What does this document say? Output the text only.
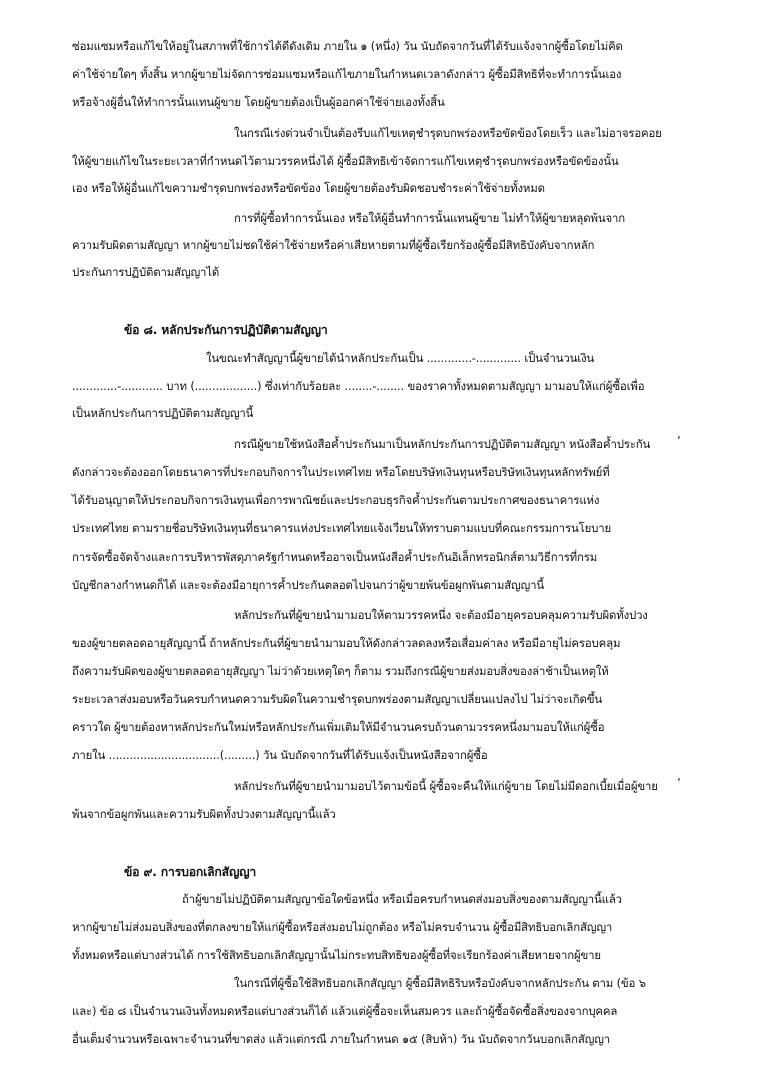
ซ่อมแซมหรือแก้ไขให้อยู่ในสภาพที่ใช้การได้ดีดังเดิม ภายใน ๑ (หนึ่ง) วัน นับถัดจากวันที่ได้รับแจ้งจากผู้ซื้อโดยไม่คิด
ค่าใช้จ่ายใดๆ ทั้งสิ้น หากผู้ขายไม่จัดการซ่อมแซมหรือแก้ไขภายในกำหนดเวลาดังกล่าว ผู้ซื้อมีสิทธิที่จะทำการนั้นเอง
หรือจ้างผู้อื่นให้ทำการนั้นแทนผู้ขาย โดยผู้ขายต้องเป็นผู้ออกค่าใช้จ่ายเองทั้งสิ้น
ในกรณีเร่งด่วนจำเป็นต้องรีบแก้ไขเหตุชำรุดบกพร่องหรือขัดข้องโดยเร็ว และไม่อาจรอคอย
ให้ผู้ขายแก้ไขในระยะเวลาที่กำหนดไว้ตามวรรคหนึ่งได้ ผู้ซื้อมีสิทธิเข้าจัดการแก้ไขเหตุชำรุดบกพร่องหรือขัดข้องนั้น
เอง หรือให้ผู้อื่นแก้ไขความชำรุดบกพร่องหรือขัดข้อง โดยผู้ขายต้องรับผิดชอบชำระค่าใช้จ่ายทั้งหมด
การที่ผู้ซื้อทำการนั้นเอง หรือให้ผู้อื่นทำการนั้นแทนผู้ขาย ไม่ทำให้ผู้ขายหลุดพ้นจาก
ความรับผิดตามสัญญา หากผู้ขายไม่ชดใช้ค่าใช้จ่ายหรือค่าเสียหายตามที่ผู้ซื้อเรียกร้องผู้ซื้อมีสิทธิบังคับจากหลัก
ประกันการปฏิบัติตามสัญญาได้
ข้อ ๘. หลักประกันการปฏิบัติตามสัญญา
ในขณะทำสัญญานี้ผู้ขายได้นำหลักประกันเป็น .............-............. เป็นจำนวนเงิน
.............-............ บาท (..................) ซึ่งเท่ากับร้อยละ ........-........ ของราคาทั้งหมดตามสัญญา มามอบให้แก่ผู้ซื้อเพื่อ
เป็นหลักประกันการปฏิบัติตามสัญญานี้
กรณีผู้ขายใช้หนังสือค้ำประกันมาเป็นหลักประกันการปฏิบัติตามสัญญา หนังสือค้ำประกัน ʼ
ดังกล่าวจะต้องออกโดยธนาคารที่ประกอบกิจการในประเทศไทย หรือโดยบริษัทเงินทุนหรือบริษัทเงินทุนหลักทรัพย์ที่
ได้รับอนุญาตให้ประกอบกิจการเงินทุนเพื่อการพาณิชย์และประกอบธุรกิจค้ำประกันตามประกาศของธนาคารแห่ง
ประเทศไทย ตามรายชื่อบริษัทเงินทุนที่ธนาคารแห่งประเทศไทยแจ้งเวียนให้ทราบตามแบบที่คณะกรรมการนโยบาย
การจัดซื้อจัดจ้างและการบริหารพัสดุภาครัฐกำหนดหรืออาจเป็นหนังสือค้ำประกันอิเล็กทรอนิกส์ตามวิธีการที่กรม
บัญชีกลางกำหนดก็ได้ และจะต้องมีอายุการค้ำประกันตลอดไปจนกว่าผู้ขายพ้นข้อผูกพันตามสัญญานี้
หลักประกันที่ผู้ขายนำมามอบให้ตามวรรคหนึ่ง จะต้องมีอายุครอบคลุมความรับผิดทั้งปวง
ของผู้ขายตลอดอายุสัญญานี้ ถ้าหลักประกันที่ผู้ขายนำมามอบให้ดังกล่าวลดลงหรือเสื่อมค่าลง หรือมีอายุไม่ครอบคลุม
ถึงความรับผิดของผู้ขายตลอดอายุสัญญา ไม่ว่าด้วยเหตุใดๆ ก็ตาม รวมถึงกรณีผู้ขายส่งมอบสิ่งของล่าช้าเป็นเหตุให้
ระยะเวลาส่งมอบหรือวันครบกำหนดความรับผิดในความชำรุดบกพร่องตามสัญญาเปลี่ยนแปลงไป ไม่ว่าจะเกิดขึ้น
คราวใด ผู้ขายต้องหาหลักประกันใหม่หรือหลักประกันเพิ่มเติมให้มีจำนวนครบถ้วนตามวรรคหนึ่งมามอบให้แก่ผู้ซื้อ
ภายใน ................................(.........) วัน นับถัดจากวันที่ได้รับแจ้งเป็นหนังสือจากผู้ซื้อ
หลักประกันที่ผู้ขายนำมามอบไว้ตามข้อนี้ ผู้ซื้อจะคืนให้แก่ผู้ขาย โดยไม่มีดอกเบี้ยเมื่อผู้ขาย ʼ
พ้นจากข้อผูกพันและความรับผิดทั้งปวงตามสัญญานี้แล้ว
ข้อ ๙. การบอกเลิกสัญญา
ถ้าผู้ขายไม่ปฏิบัติตามสัญญาข้อใดข้อหนึ่ง หรือเมื่อครบกำหนดส่งมอบสิ่งของตามสัญญานี้แล้ว
หากผู้ขายไม่ส่งมอบสิ่งของที่ตกลงขายให้แก่ผู้ซื้อหรือส่งมอบไม่ถูกต้อง หรือไม่ครบจำนวน ผู้ซื้อมีสิทธิบอกเลิกสัญญา
ทั้งหมดหรือแต่บางส่วนได้ การใช้สิทธิบอกเลิกสัญญานั้นไม่กระทบสิทธิของผู้ซื้อที่จะเรียกร้องค่าเสียหายจากผู้ขาย
ในกรณีที่ผู้ซื้อใช้สิทธิบอกเลิกสัญญา ผู้ซื้อมีสิทธิริบหรือบังคับจากหลักประกัน ตาม (ข้อ ๖
และ) ข้อ ๘ เป็นจำนวนเงินทั้งหมดหรือแต่บางส่วนก็ได้ แล้วแต่ผู้ซื้อจะเห็นสมควร และถ้าผู้ซื้อจัดซื้อสิ่งของจากบุคคล
อื่นเต็มจำนวนหรือเฉพาะจำนวนที่ขาดส่ง แล้วแต่กรณี ภายในกำหนด ๑๕ (สิบห้า) วัน นับถัดจากวันบอกเลิกสัญญา
